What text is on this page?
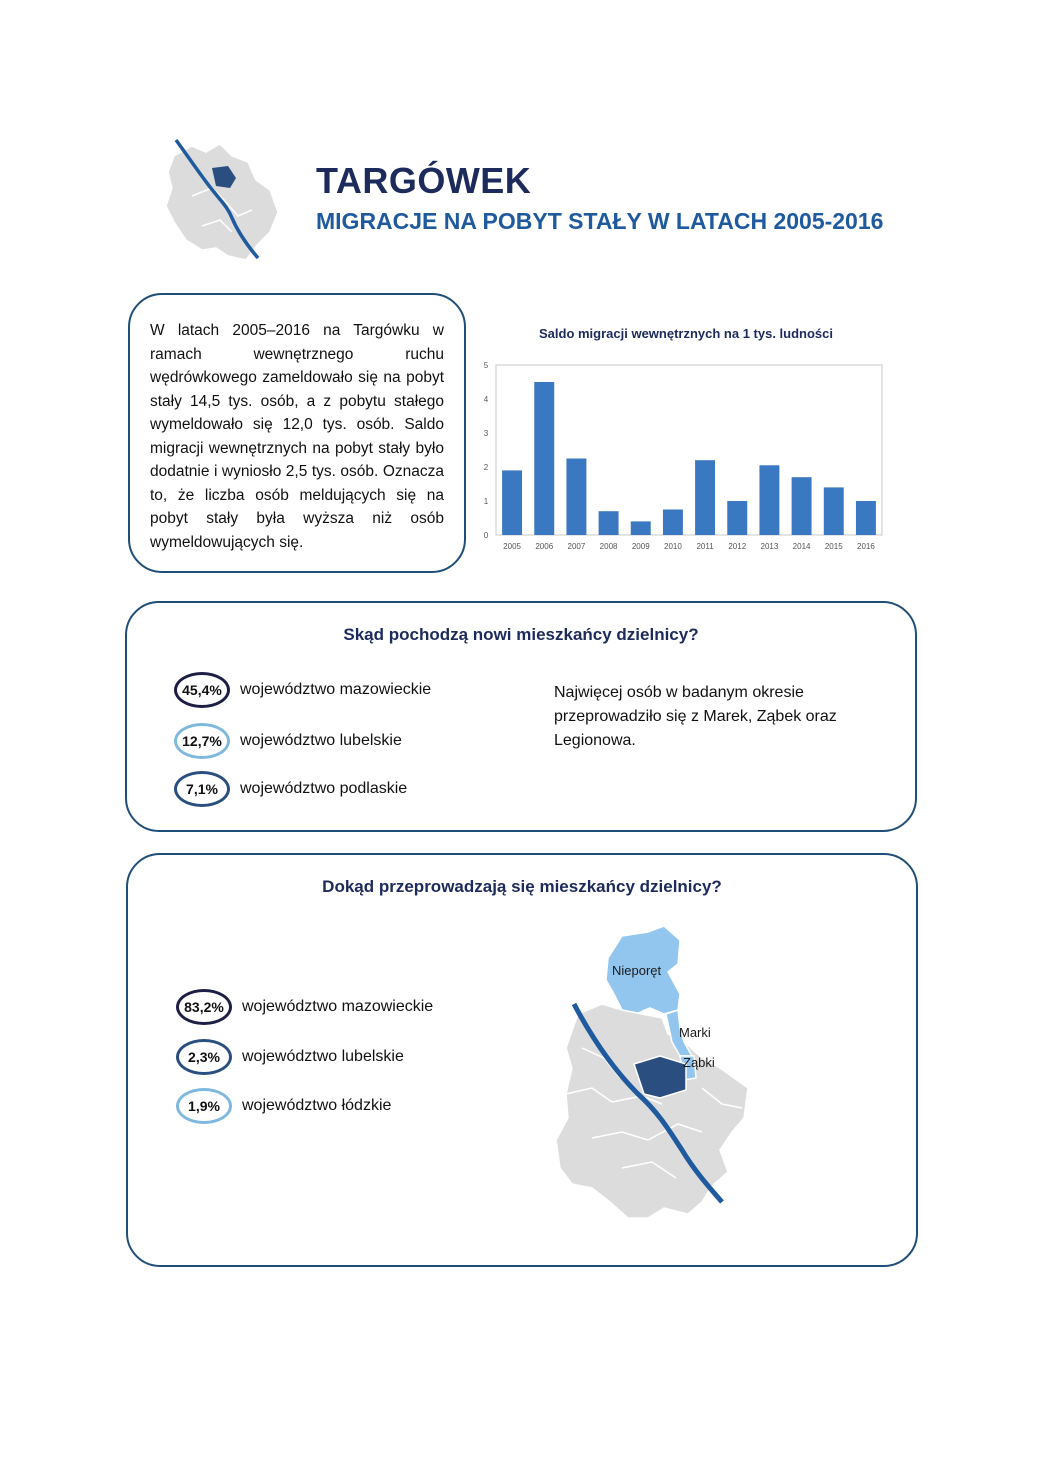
TARGÓWEK
MIGRACJE NA POBYT STAŁY W LATACH 2005-2016
W latach 2005–2016 na Targówku w ramach wewnętrznego ruchu wędrówkowego zameldowało się na pobyt stały 14,5 tys. osób, a z pobytu stałego wymeldowało się 12,0 tys. osób. Saldo migracji wewnętrznych na pobyt stały było dodatnie i wyniosło 2,5 tys. osób. Oznacza to, że liczba osób meldujących się na pobyt stały była wyższa niż osób wymeldowujących się.
Saldo migracji wewnętrznych na 1 tys. ludności
0
1
2
3
4
5
2005 2006 2007 2008 2009 2010 2011 2012 2013 2014 2015 2016
Skąd pochodzą nowi mieszkańcy dzielnicy?
45,4%	województwo mazowieckie
12,7%	województwo lubelskie
7,1%	województwo podlaskie
Najwięcej osób w badanym okresie przeprowadziło się z Marek, Ząbek oraz Legionowa.
Dokąd przeprowadzają się mieszkańcy dzielnicy?
83,2%	województwo mazowieckie
2,3%	województwo lubelskie
1,9%	województwo łódzkie
Nieporęt
Marki
Ząbki
Wisła
